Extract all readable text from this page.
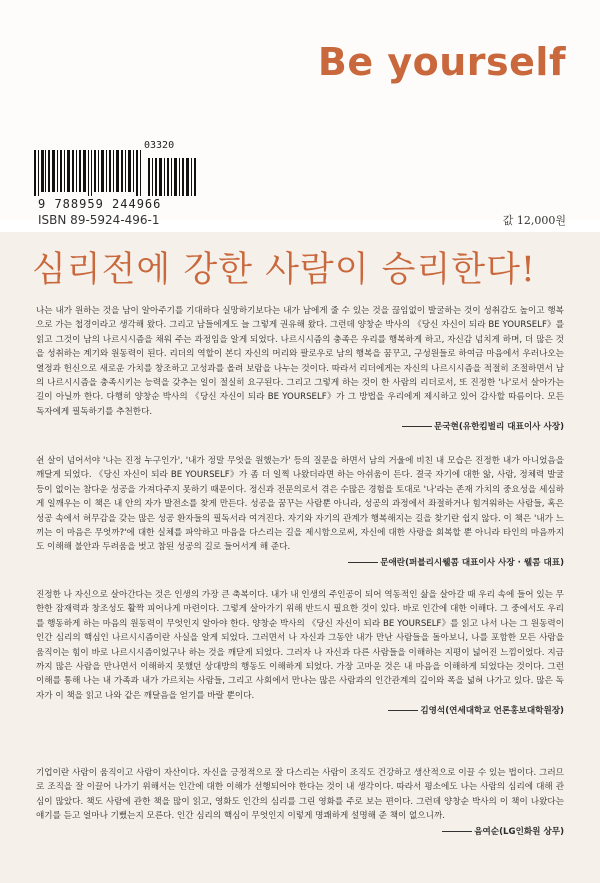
Be yourself
03320
9 788959 244966
ISBN 89-5924-496-1	값 12,000원
심리전에 강한 사람이 승리한다!

나는 내가 원하는 것을 남이 알아주기를 기대하다 실망하기보다는 내가 남에게 줄 수 있는 것을 끊임없이 발굴하는 것이 성취감도 높이고 행복으로 가는 첩경이라고 생각해 왔다. 그리고 남들에게도 늘 그렇게 권유해 왔다. 그런데 양창순 박사의 《당신 자신이 되라 BE YOURSELF》를 읽고 그것이 남의 나르시시즘을 채워 주는 과정임을 알게 되었다. 나르시시즘의 충족은 우리를 행복하게 하고, 자신감 넘치게 하며, 더 많은 것을 성취하는 계기와 원동력이 된다. 리더의 역할이 본디 자신의 머리와 팔로우로 남의 행복을 꿈꾸고, 구성원들로 하여금 마음에서 우러나오는 열정과 헌신으로 새로운 가치를 창조하고 고성과를 올려 보람을 나누는 것이다. 따라서 리더에게는 자신의 나르시시즘을 적절히 조절하면서 남의 나르시시즘을 충족시키는 능력을 갖추는 일이 절실히 요구된다. 그리고 그렇게 하는 것이 한 사람의 리더로서, 또 진정한 '나'로서 살아가는 길이 아닐까 한다. 다행히 양창순 박사의 《당신 자신이 되라 BE YOURSELF》가 그 방법을 우리에게 제시하고 있어 감사할 따름이다. 모든 독자에게 필독하기를 추천한다.

문국현(유한킴벌리 대표이사 사장)

쉰 살이 넘어서야 '나는 진정 누구인가', '내가 정말 무엇을 원했는가' 등의 질문을 하면서 남의 거울에 비친 내 모습은 진정한 내가 아니었음을 깨달게 되었다. 《당신 자신이 되라 BE YOURSELF》가 좀 더 일찍 나왔더라면 하는 아쉬움이 든다. 결국 자기에 대한 앎, 사람, 정체력 발굴 등이 없이는 참다운 성공을 가져다주지 못하기 때문이다. 정신과 전문의로서 겪은 수많은 경험을 토대로 '나'라는 존재 가치의 중요성을 세심하게 일깨우는 이 책은 내 안의 자가 발전소를 찾게 만든다. 성공을 꿈꾸는 사람뿐 아니라, 성공의 과정에서 좌절하거나 힘겨워하는 사람들, 혹은 성공 속에서 허무감을 갖는 많은 성공 환자들의 필독서라 여겨진다. 자기와 자기의 관계가 행복해지는 길을 찾기란 쉽지 않다. 이 책은 '내가 느끼는 이 마음은 무엇까?'에 대한 실체를 파악하고 마음을 다스리는 길을 제시함으로써, 자신에 대한 사랑을 회복할 뿐 아니라 타인의 마음까지도 이해해 불안과 두려움을 벗고 참된 성공의 길로 들어서게 해 준다.

문애란(퍼블리시웰콤 대표이사 사장 · 웰콤 대표)

진정한 나 자신으로 살아간다는 것은 인생의 가장 큰 축복이다. 내가 내 인생의 주인공이 되어 역동적인 삶을 살아갈 때 우리 속에 들어 있는 무한한 잠재력과 창조성도 활짝 피어나게 마련이다. 그렇게 살아가기 위해 반드시 필요한 것이 있다. 바로 인간에 대한 이해다. 그 중에서도 우리를 행동하게 하는 마음의 원동력이 무엇인지 알아야 한다. 양창순 박사의 《당신 자신이 되라 BE YOURSELF》를 읽고 나서 나는 그 원동력이 인간 심리의 핵심인 나르시시즘이란 사실을 알게 되었다. 그러면서 나 자신과 그동안 내가 만난 사람들을 돌아보니, 나를 포함한 모든 사람을 움직이는 힘이 바로 나르시시즘이었구나 하는 것을 깨닫게 되었다. 그러자 나 자신과 다른 사람들을 이해하는 지평이 넓어진 느낌이었다. 지금까지 많은 사람을 만나면서 이해하지 못했던 상대방의 행동도 이해하게 되었다. 가장 고마운 것은 내 마음을 이해하게 되었다는 것이다. 그런 이해를 통해 나는 내 가족과 내가 가르치는 사람들, 그리고 사회에서 만나는 많은 사람과의 인간관계의 깊이와 폭을 넓혀 나가고 있다. 많은 독자가 이 책을 읽고 나와 같은 깨달음을 얻기를 바랄 뿐이다.

김영석(연세대학교 언론홍보대학원장)

기업이란 사람이 움직이고 사람이 자산이다. 자신을 긍정적으로 잘 다스리는 사람이 조직도 건강하고 생산적으로 이끌 수 있는 법이다. 그러므로 조직을 잘 이끌어 나가기 위해서는 인간에 대한 이해가 선행되어야 한다는 것이 내 생각이다. 따라서 평소에도 나는 사람의 심리에 대해 관심이 많았다. 책도 사람에 관한 책을 많이 읽고, 영화도 인간의 심리를 그린 영화를 주로 보는 편이다. 그런데 양창순 박사의 이 책이 나왔다는 얘기를 듣고 얼마나 기뻤는지 모른다. 인간 심리의 핵심이 무엇인지 이렇게 명쾌하게 설명해 준 책이 없으니까.

음여순(LG인화원 상무)
